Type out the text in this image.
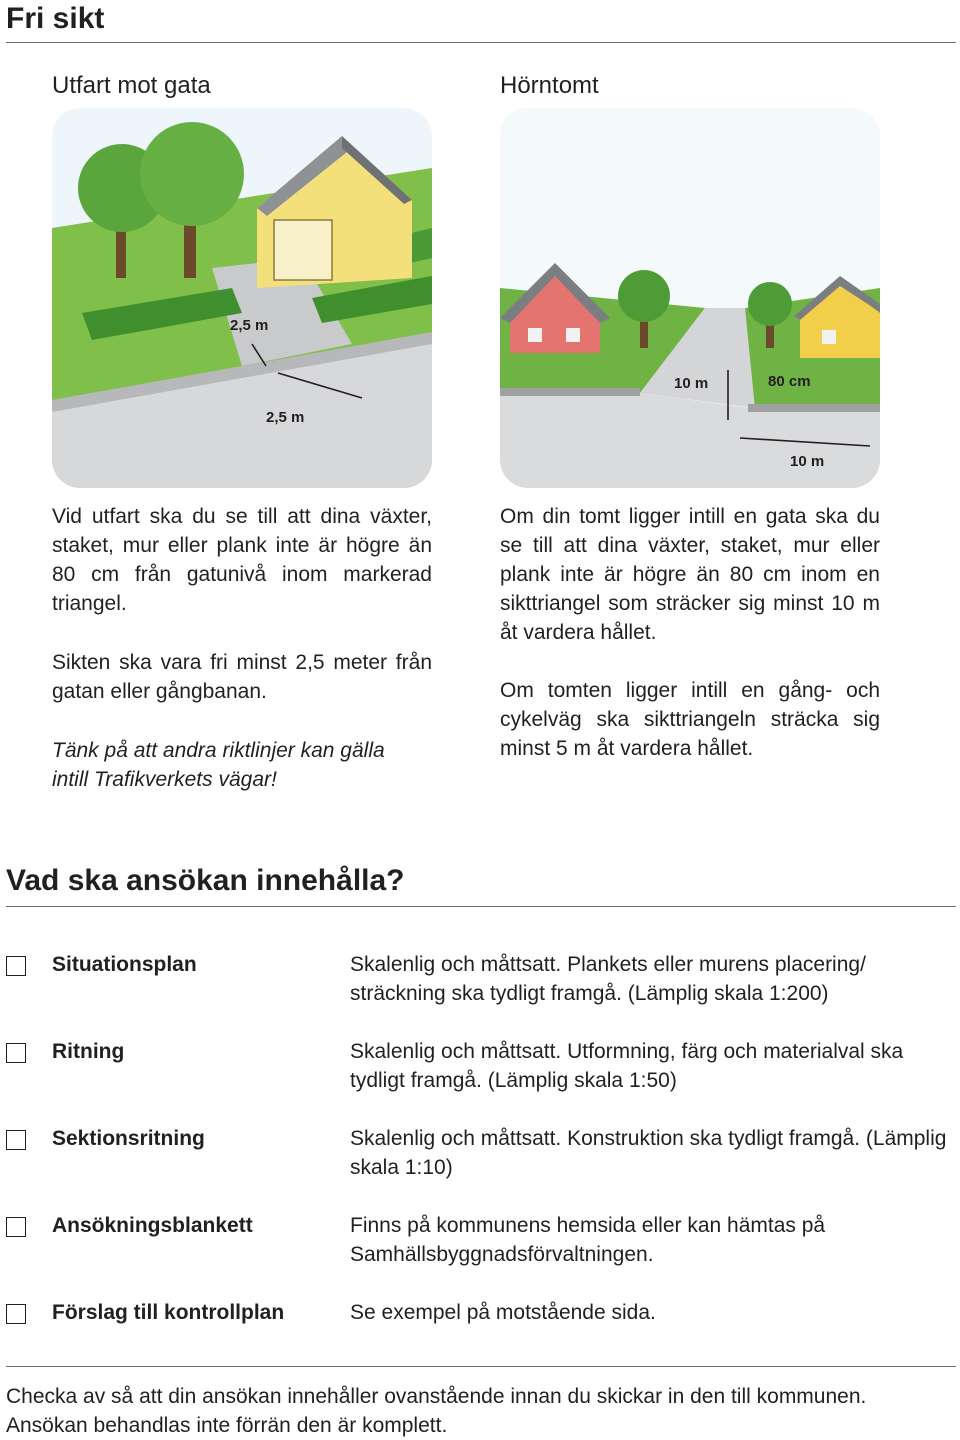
Fri sikt
Utfart mot gata	Hörntomt
2,5 m
2,5 m
10 m	80 cm
10 m

Vid utfart ska du se till att dina växter, staket, mur eller plank inte är högre än 80 cm från gatunivå inom markerad triangel.

Sikten ska vara fri minst 2,5 meter från gatan eller gångbanan.

Tänk på att andra riktlinjer kan gälla intill Trafikverkets vägar!

Om din tomt ligger intill en gata ska du se till att dina växter, staket, mur eller plank inte är högre än 80 cm inom en sikttriangel som sträcker sig minst 10 m åt vardera hållet.

Om tomten ligger intill en gång- och cykelväg ska sikttriangeln sträcka sig minst 5 m åt vardera hållet.

Vad ska ansökan innehålla?
Situationsplan	Skalenlig och måttsatt. Plankets eller murens placering/ sträckning ska tydligt framgå. (Lämplig skala 1:200)
Ritning	Skalenlig och måttsatt. Utformning, färg och materialval ska tydligt framgå. (Lämplig skala 1:50)
Sektionsritning	Skalenlig och måttsatt. Konstruktion ska tydligt framgå. (Lämplig skala 1:10)
Ansökningsblankett	Finns på kommunens hemsida eller kan hämtas på Samhällsbyggnadsförvaltningen.
Förslag till kontrollplan	Se exempel på motstående sida.

Checka av så att din ansökan innehåller ovanstående innan du skickar in den till kommunen. Ansökan behandlas inte förrän den är komplett.
